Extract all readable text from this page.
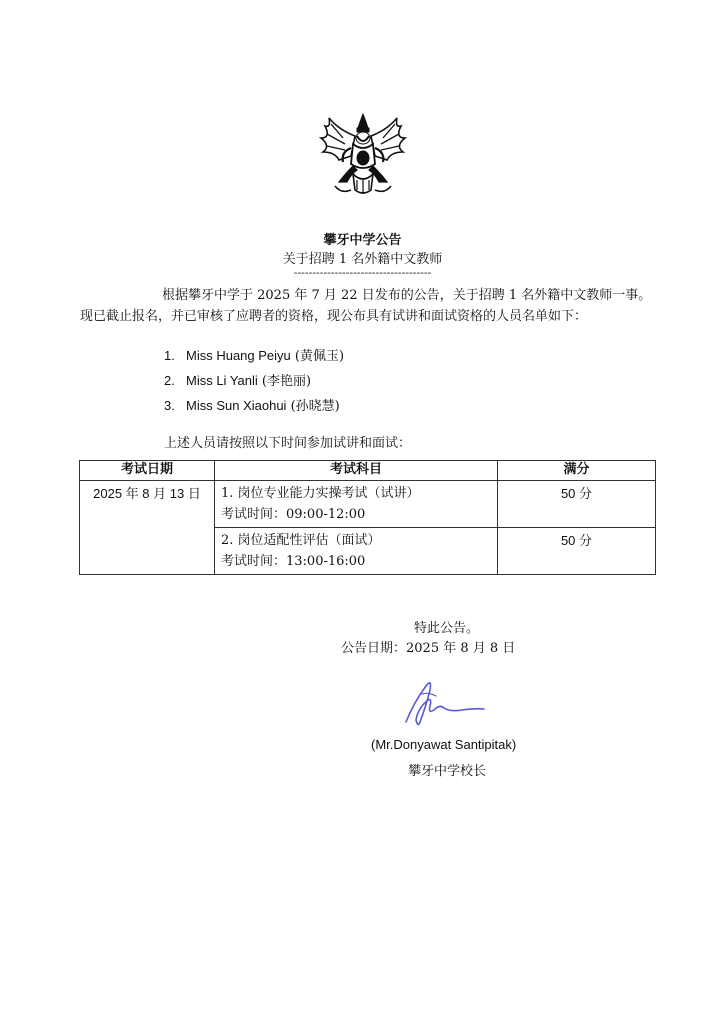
攀牙中学公告
关于招聘 1 名外籍中文教师
-------------------------------------

根据攀牙中学于 2025 年 7 月 22 日发布的公告，关于招聘 1 名外籍中文教师一事。现已截止报名，并已审核了应聘者的资格，现公布具有试讲和面试资格的人员名单如下：

1. Miss Huang Peiyu (黄佩玉)
2. Miss Li Yanli (李艳丽)
3. Miss Sun Xiaohui (孙晓慧)

上述人员请按照以下时间参加试讲和面试：

考试日期	考试科目	满分
2025 年 8 月 13 日	1. 岗位专业能力实操考试（试讲）
考试时间：09:00-12:00	50 分

	2. 岗位适配性评估（面试）
考试时间：13:00-16:00	50 分

特此公告。

公告日期：2025 年 8 月 8 日

(Mr.Donyawat Santipitak)

攀牙中学校长
